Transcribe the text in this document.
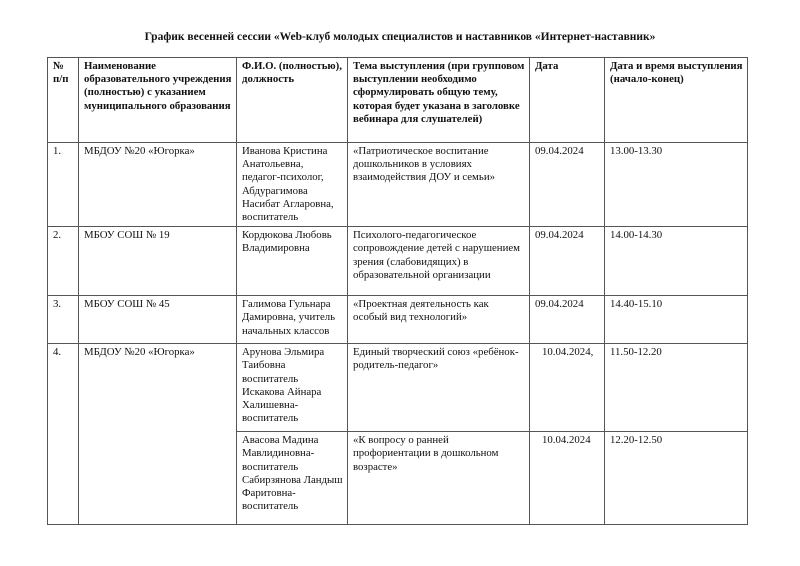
График весенней сессии «Web-клуб молодых специалистов и наставников «Интернет-наставник»
№ п/п	Наименование образовательного учреждения (полностью) с указанием муниципального образования	Ф.И.О. (полностью), должность	Тема выступления (при групповом выступлении необходимо сформулировать общую тему, которая будет указана в заголовке вебинара для слушателей)	Дата	Дата и время выступления (начало-конец)
1.	МБДОУ №20 «Югорка»	Иванова Кристина Анатольевна, педагог-психолог, Абдурагимова Насибат Агларовна, воспитатель	«Патриотическое воспитание дошкольников в условиях взаимодействия ДОУ и семьи»	09.04.2024	13.00-13.30
2.	МБОУ СОШ № 19	Кордюкова Любовь Владимировна	Психолого-педагогическое сопровождение детей с нарушением зрения (слабовидящих) в образовательной организации	09.04.2024	14.00-14.30
3.	МБОУ СОШ № 45	Галимова Гульнара Дамировна, учитель начальных классов	«Проектная деятельность как особый вид технологий»	09.04.2024	14.40-15.10
4.	МБДОУ №20 «Югорка»	Арунова Эльмира Таибовна воспитатель Искакова Айнара Халишевна-воспитатель	Единый творческий союз «ребёнок-родитель-педагог»	10.04.2024,	11.50-12.20
		Авасова Мадина Мавлидиновна-воспитатель Сабирзянова Ландыш Фаритовна-воспитатель	«К вопросу о ранней профориентации в дошкольном возрасте»	10.04.2024	12.20-12.50
